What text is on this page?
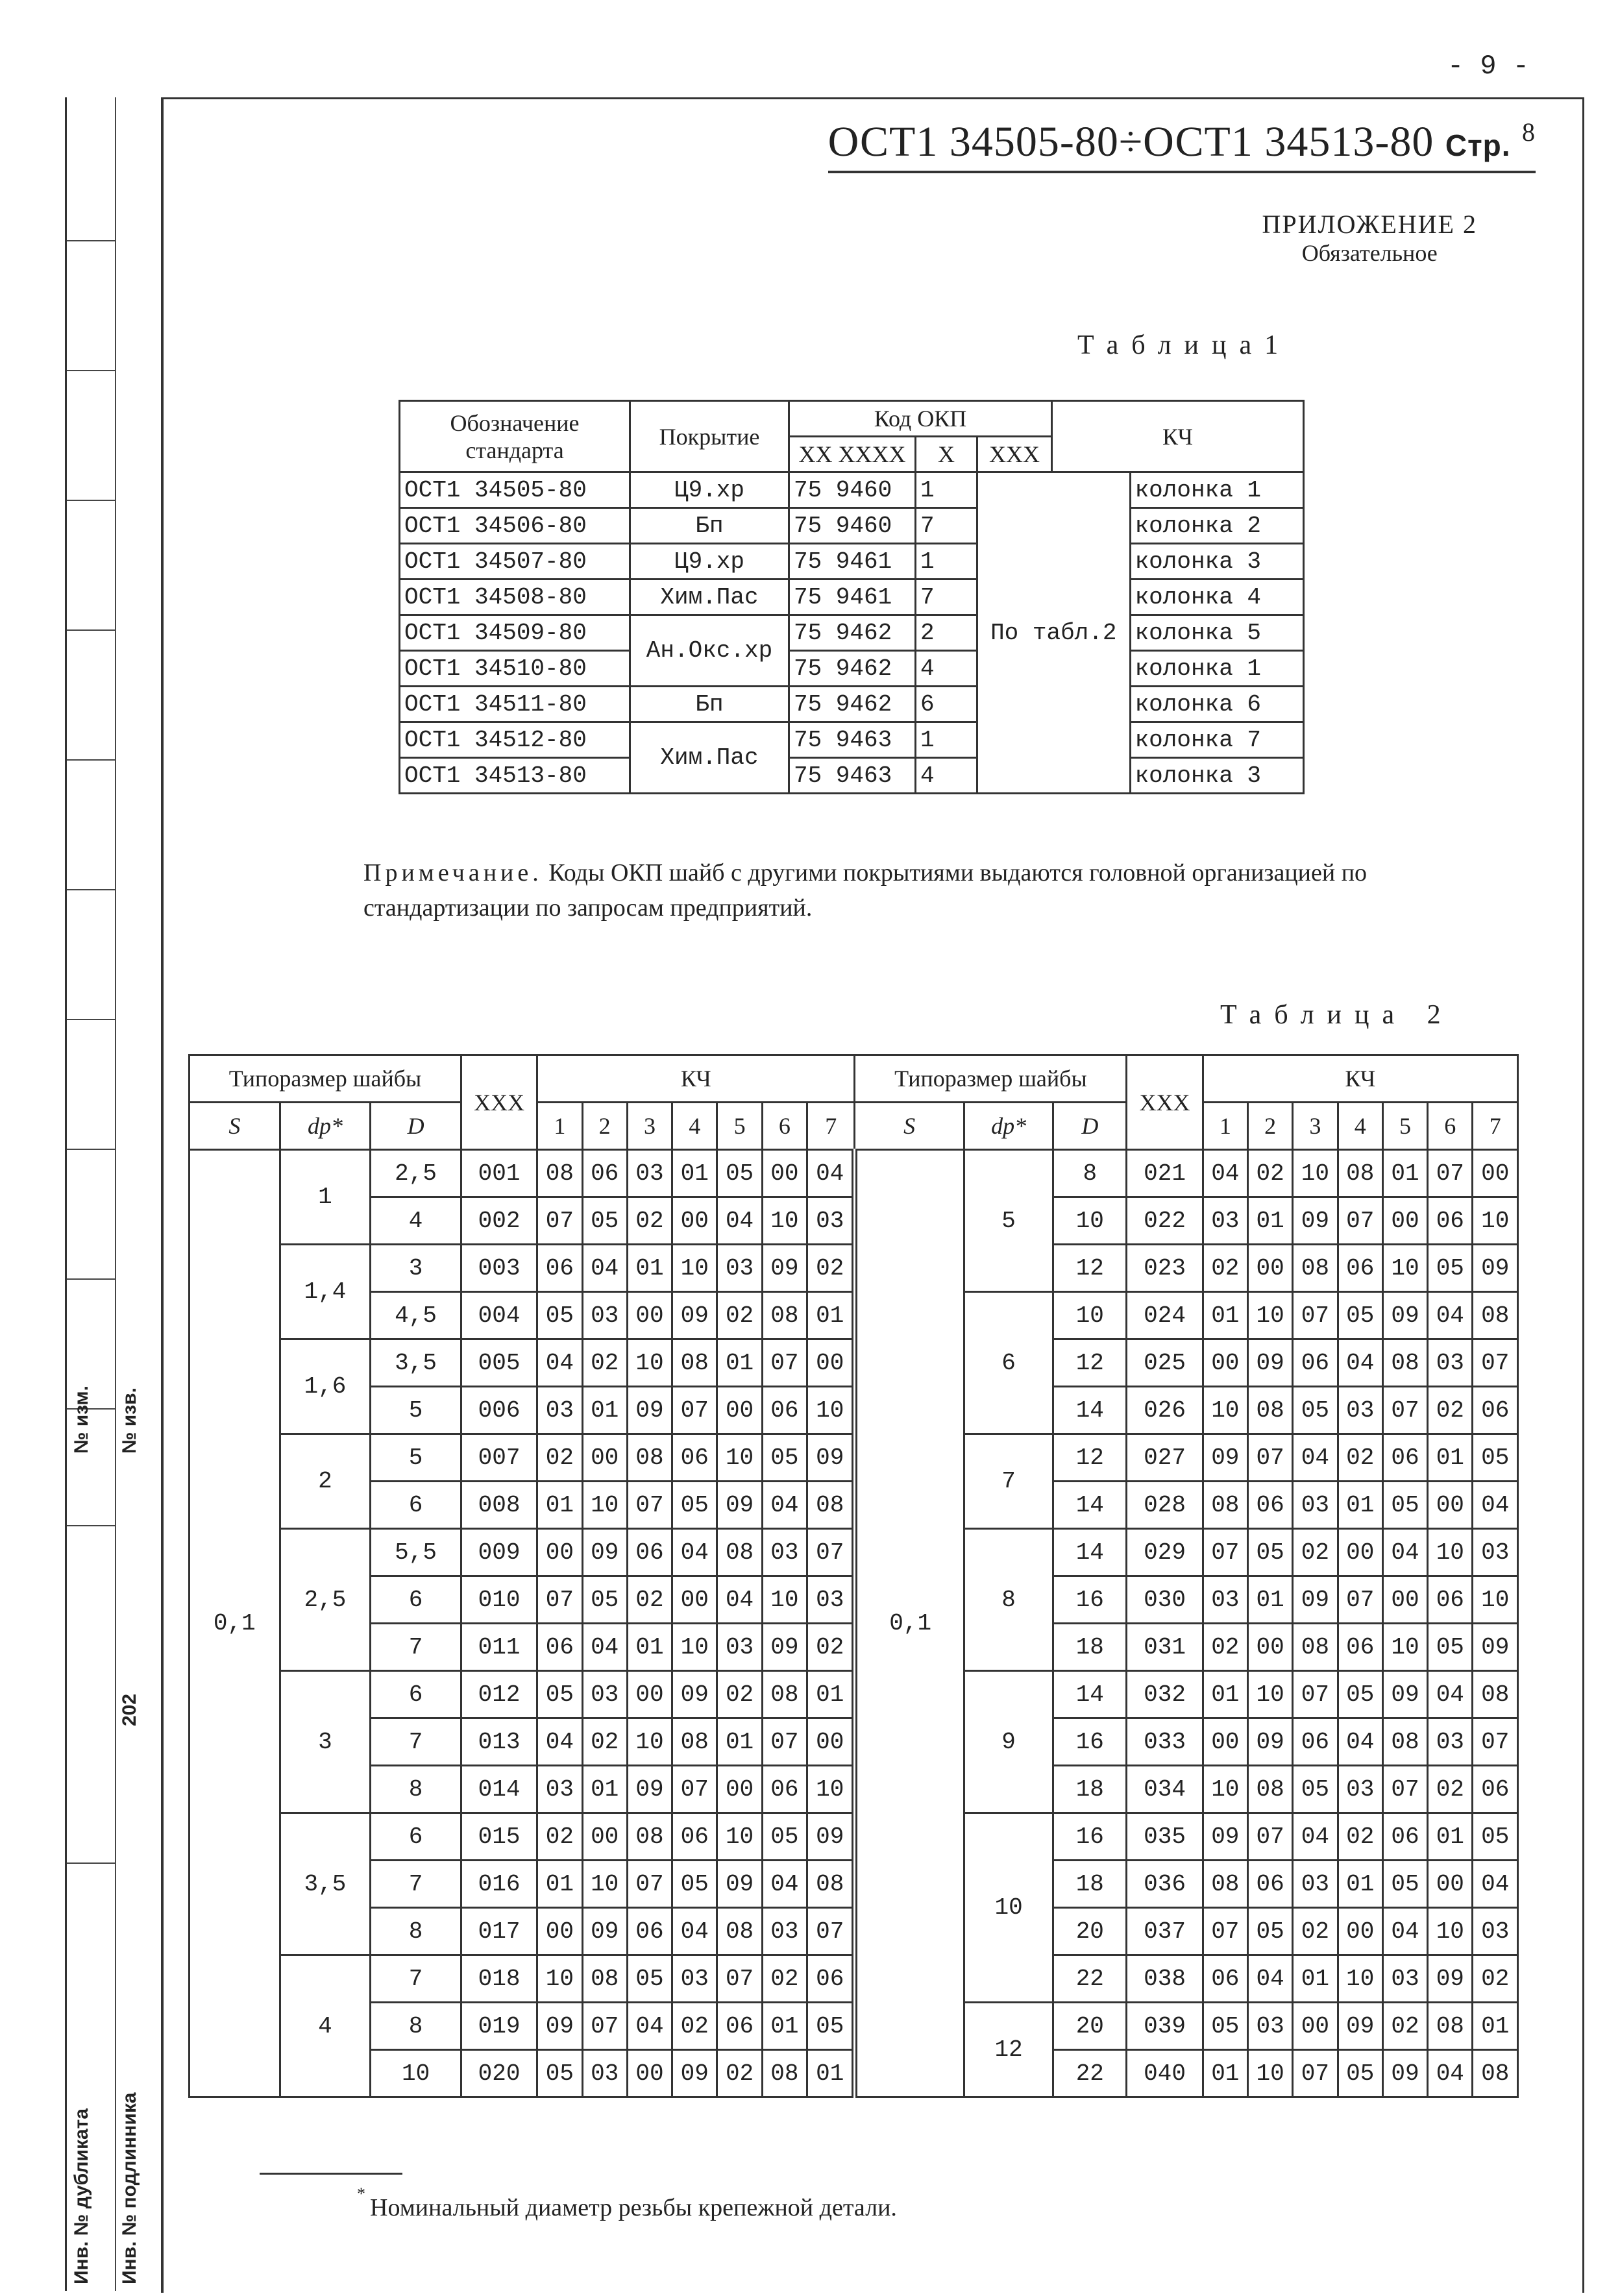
- 9 -
№ изм. № изв.
202
Инв. № дубликата Инв. № подлинника
ОСТ1 34505-80÷ОСТ1 34513-80 Стр. $^8$
ПРИЛОЖЕНИЕ 2
Обязательное
Таблица1
Обозначение стандарта	Покрытие	Код ОКП			КЧ	
		XX XXXX	X	XXX		
ОСТ1 34505-80	Ц9.хр	75 9460	1	По табл.2		колонка 1
ОСТ1 34506-80	Бп	75 9460	7			колонка 2
ОСТ1 34507-80	Ц9.хр	75 9461	1			колонка 3
ОСТ1 34508-80	Хим.Пас	75 9461	7			колонка 4
ОСТ1 34509-80	Ан.Окс.хр	75 9462	2			колонка 5
ОСТ1 34510-80		75 9462	4			колонка 1
ОСТ1 34511-80	Бп	75 9462	6			колонка 6
ОСТ1 34512-80	Хим.Пас	75 9463	1			колонка 7
ОСТ1 34513-80		75 9463	4			колонка 3
Примечание. Коды ОКП шайб с другими покрытиями выдаются головной организацией по стандартизации по запросам предприятий.
Таблица 2
Типоразмер шайбы			XXX	КЧ							Типоразмер шайбы			XXX	КЧ						
S	dp*	D		1	2	3	4	5	6	7	S	dp*	D		1	2	3	4	5	6	7
0,1	1	2,5	001	08	06	03	01	05	00	04	0,1	5	8	021	04	02	10	08	01	07	00
		4	002	07	05	02	00	04	10	03			10	022	03	01	09	07	00	06	10
	1,4	3	003	06	04	01	10	03	09	02			12	023	02	00	08	06	10	05	09
		4,5	004	05	03	00	09	02	08	01		6	10	024	01	10	07	05	09	04	08
	1,6	3,5	005	04	02	10	08	01	07	00			12	025	00	09	06	04	08	03	07
		5	006	03	01	09	07	00	06	10			14	026	10	08	05	03	07	02	06
	2	5	007	02	00	08	06	10	05	09		7	12	027	09	07	04	02	06	01	05
		6	008	01	10	07	05	09	04	08			14	028	08	06	03	01	05	00	04
	2,5	5,5	009	00	09	06	04	08	03	07		8	14	029	07	05	02	00	04	10	03
		6	010	07	05	02	00	04	10	03			16	030	03	01	09	07	00	06	10
		7	011	06	04	01	10	03	09	02			18	031	02	00	08	06	10	05	09
	3	6	012	05	03	00	09	02	08	01		9	14	032	01	10	07	05	09	04	08
		7	013	04	02	10	08	01	07	00			16	033	00	09	06	04	08	03	07
		8	014	03	01	09	07	00	06	10			18	034	10	08	05	03	07	02	06
	3,5	6	015	02	00	08	06	10	05	09		10	16	035	09	07	04	02	06	01	05
		7	016	01	10	07	05	09	04	08			18	036	08	06	03	01	05	00	04
		8	017	00	09	06	04	08	03	07			20	037	07	05	02	00	04	10	03
	4	7	018	10	08	05	03	07	02	06			22	038	06	04	01	10	03	09	02
		8	019	09	07	04	02	06	01	05		12	20	039	05	03	00	09	02	08	01
		10	020	05	03	00	09	02	08	01			22	040	01	10	07	05	09	04	08
*
Номинальный диаметр резьбы крепежной детали.
